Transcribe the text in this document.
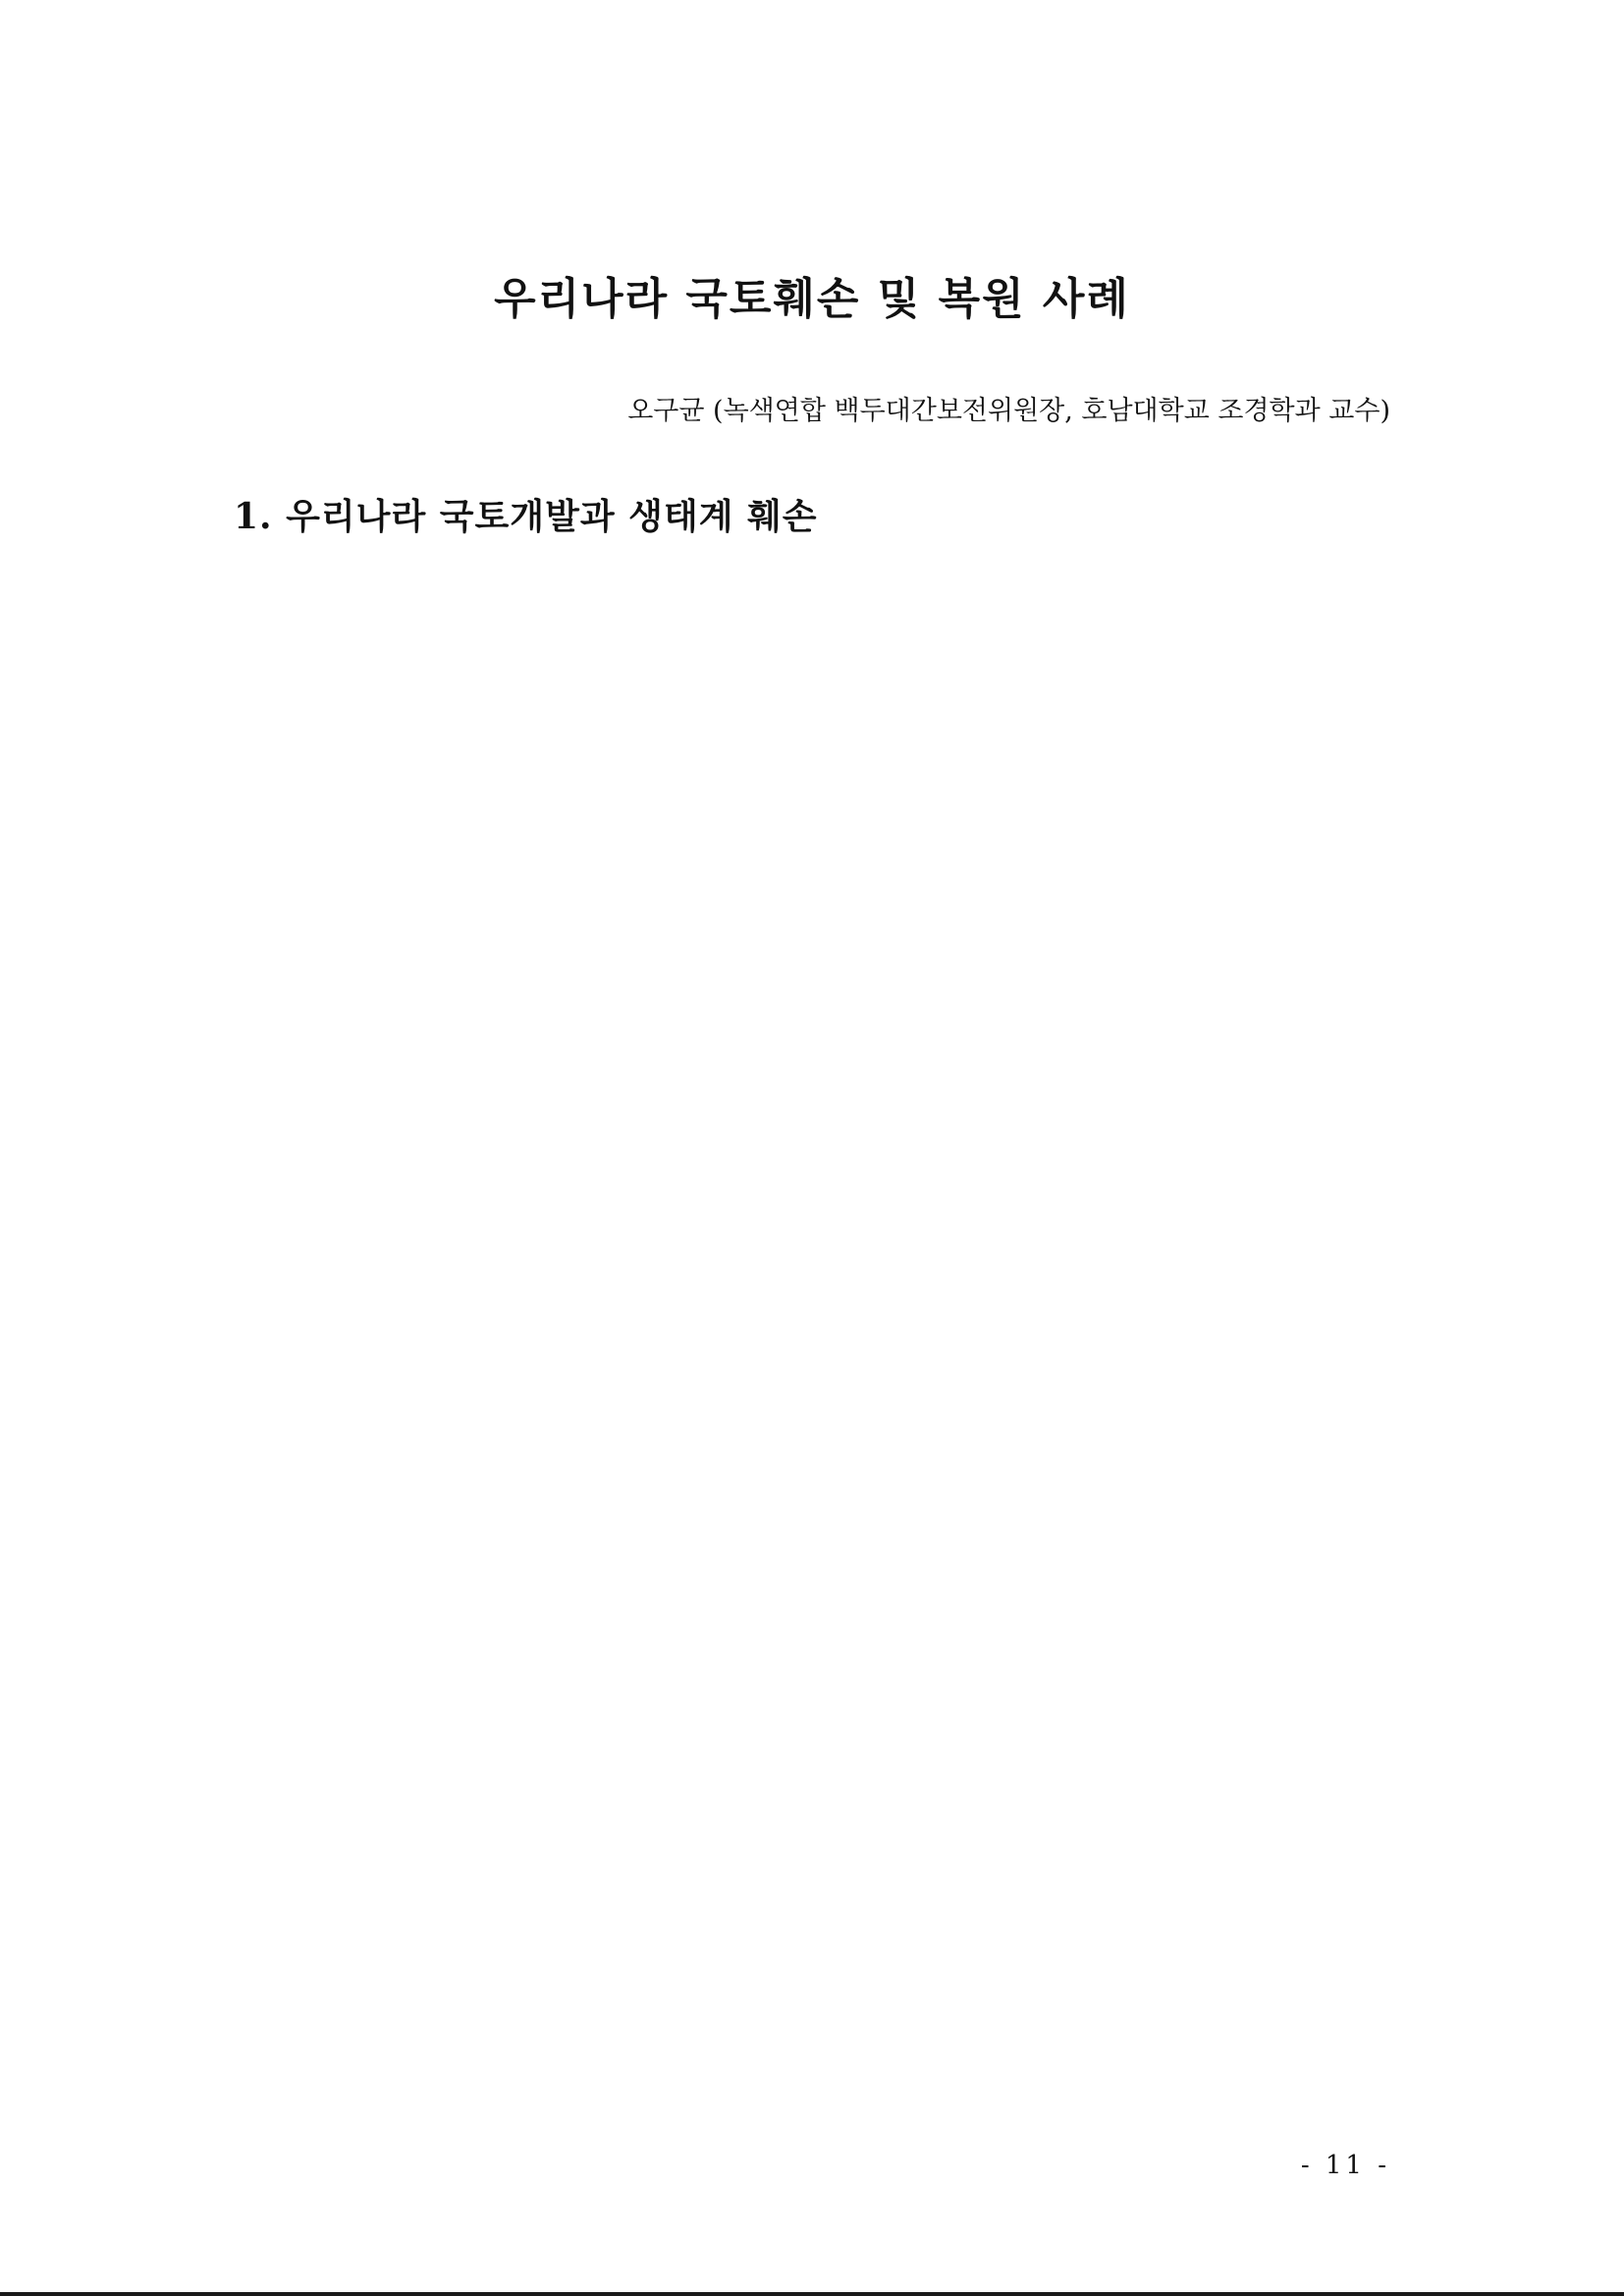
우리나라 국토훼손 및 복원 사례
오구균 (녹색연합 백두대간보전위원장, 호남대학교 조경학과 교수)
1. 우리나라 국토개발과 생태계 훼손

- 11 -
